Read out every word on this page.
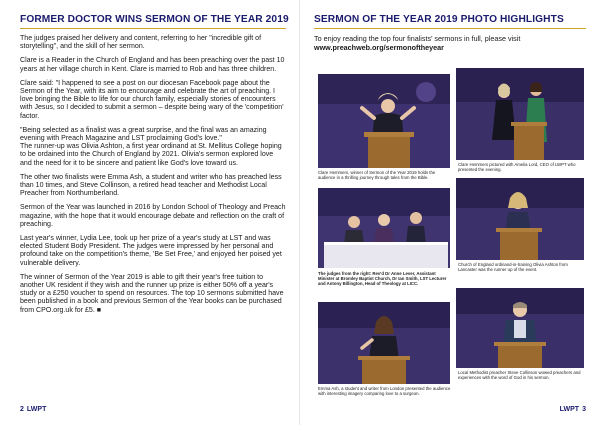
FORMER DOCTOR WINS SERMON OF THE YEAR 2019

The judges praised her delivery and content, referring to her "incredible gift of storytelling", and the skill of her sermon.

Clare is a Reader in the Church of England and has been preaching over the past 10 years at her village church in Kent. Clare is married to Rob and has three children.

Clare said: "I happened to see a post on our diocesan Facebook page about the Sermon of the Year, with its aim to encourage and celebrate the art of preaching. I love bringing the Bible to life for our church family, especially stories of encounters with Jesus, so I decided to submit a sermon – despite being wary of the 'competition' factor.

"Being selected as a finalist was a great surprise, and the final was an amazing evening with Preach Magazine and LST proclaiming God's love."

The runner-up was Olivia Ashton, a first year ordinand at St. Mellitus College hoping to be ordained into the Church of England by 2021. Olivia's sermon explored love and the need for it to be sincere and patient like God's love toward us.

The other two finalists were Emma Ash, a student and writer who has preached less than 10 times, and Steve Collinson, a retired head teacher and Methodist Local Preacher from Northumberland.

Sermon of the Year was launched in 2016 by London School of Theology and Preach magazine, with the hope that it would encourage debate and reflection on the craft of preaching.

Last year's winner, Lydia Lee, took up her prize of a year's study at LST and was elected Student Body President. The judges were impressed by her personal and profound take on the competition's theme, 'Be Set Free,' and enjoyed her poised yet vulnerable delivery.

The winner of Sermon of the Year 2019 is able to gift their year's free tuition to another UK resident if they wish and the runner up prize is either 50% off a year's study or a £250 voucher to spend on resources. The top 10 sermons submitted have been published in a book and previous Sermon of the Year books can be purchased from CPO.org.uk for £5. ■

2 LWPT
SERMON OF THE YEAR 2019 PHOTO HIGHLIGHTS

To enjoy reading the top four finalists' sermons in full, please visit
www.preachweb.org/sermonoftheyear

Clare Hemmers, winner of Sermon of the Year 2019 holds the audience in a thrilling journey through tales from the Bible.
Clare Hemmers pictured with Amelia Lord, CEO of LWPT who presented the evening.
The judges from the right: Rev'd Dr Anne Lever, Assistant Minister at Bromley Baptist Church, Dr Ian Smith, LST Lecturer and Antony Billington, Head of Theology at LICC.
Church of England ordinand-in-training Olivia Ashton from Lancaster was the runner up of the event.
Emma Ash, a student and writer from London presented the audience with interesting imagery comparing love to a surgeon.
Local Methodist preacher Steve Collinson wowed preachers and experiences with the word of God in his sermon.
LWPT 3
